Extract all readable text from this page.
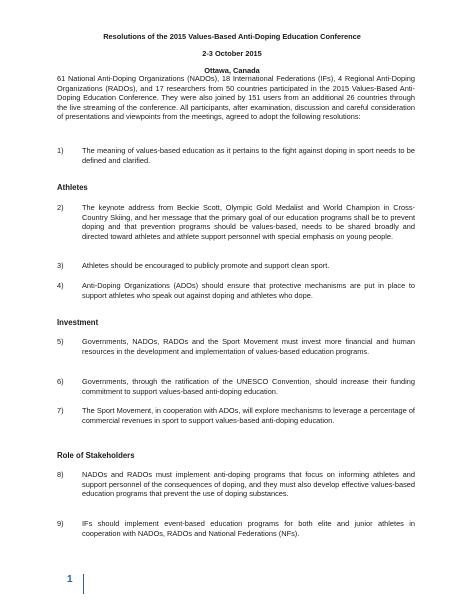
Resolutions of the 2015 Values-Based Anti-Doping Education Conference
2-3 October 2015
Ottawa, Canada
61 National Anti-Doping Organizations (NADOs), 18 International Federations (IFs), 4 Regional Anti-Doping Organizations (RADOs), and 17 researchers from 50 countries participated in the 2015 Values-Based Anti-Doping Education Conference. They were also joined by 151 users from an additional 26 countries through the live streaming of the conference. All participants, after examination, discussion and careful consideration of presentations and viewpoints from the meetings, agreed to adopt the following resolutions:
1)	The meaning of values-based education as it pertains to the fight against doping in sport needs to be defined and clarified.
Athletes
2)	The keynote address from Beckie Scott, Olympic Gold Medalist and World Champion in Cross-Country Skiing, and her message that the primary goal of our education programs shall be to prevent doping and that prevention programs should be values-based, needs to be shared broadly and directed toward athletes and athlete support personnel with special emphasis on young people.
3)	Athletes should be encouraged to publicly promote and support clean sport.
4)	Anti-Doping Organizations (ADOs) should ensure that protective mechanisms are put in place to support athletes who speak out against doping and athletes who dope.
Investment
5)	Governments, NADOs, RADOs and the Sport Movement must invest more financial and human resources in the development and implementation of values-based education programs.
6)	Governments, through the ratification of the UNESCO Convention, should increase their funding commitment to support values-based anti-doping education.
7)	The Sport Movement, in cooperation with ADOs, will explore mechanisms to leverage a percentage of commercial revenues in sport to support values-based anti-doping education.
Role of Stakeholders
8)	NADOs and RADOs must implement anti-doping programs that focus on informing athletes and support personnel of the consequences of doping, and they must also develop effective values-based education programs that prevent the use of doping substances.
9)	IFs should implement event-based education programs for both elite and junior athletes in cooperation with NADOs, RADOs and National Federations (NFs).
1
